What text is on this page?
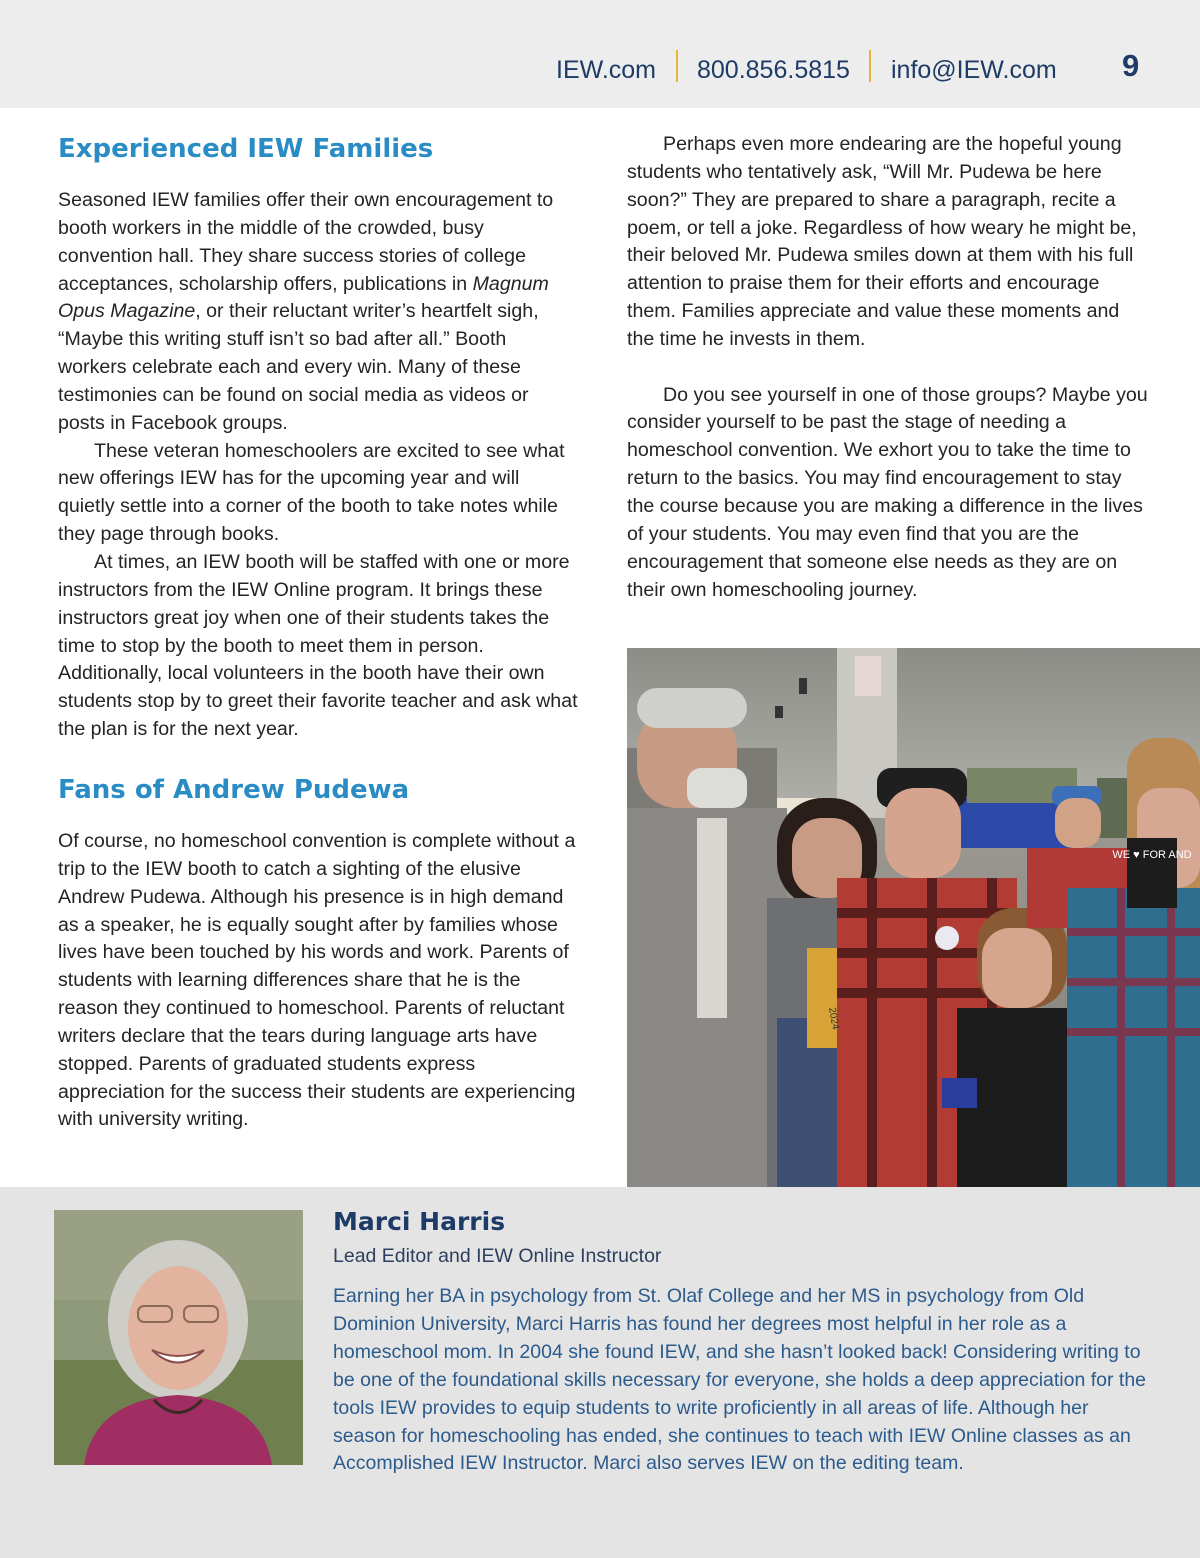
IEW.com 800.856.5815 info@IEW.com 9
Experienced IEW Families

Seasoned IEW families offer their own encouragement to booth workers in the middle of the crowded, busy convention hall. They share success stories of college acceptances, scholarship offers, publications in Magnum Opus Magazine, or their reluctant writer’s heartfelt sigh, “Maybe this writing stuff isn’t so bad after all.” Booth workers celebrate each and every win. Many of these testimonies can be found on social media as videos or posts in Facebook groups.

These veteran homeschoolers are excited to see what new offerings IEW has for the upcoming year and will quietly settle into a corner of the booth to take notes while they page through books.

At times, an IEW booth will be staffed with one or more instructors from the IEW Online program. It brings these instructors great joy when one of their students takes the time to stop by the booth to meet them in person. Additionally, local volunteers in the booth have their own students stop by to greet their favorite teacher and ask what the plan is for the next year.

Fans of Andrew Pudewa

Of course, no homeschool convention is complete without a trip to the IEW booth to catch a sighting of the elusive Andrew Pudewa. Although his presence is in high demand as a speaker, he is equally sought after by families whose lives have been touched by his words and work. Parents of students with learning differences share that he is the reason they continued to homeschool. Parents of reluctant writers declare that the tears during language arts have stopped. Parents of graduated students express appreciation for the success their students are experiencing with university writing.

Perhaps even more endearing are the hopeful young students who tentatively ask, “Will Mr. Pudewa be here soon?” They are prepared to share a paragraph, recite a poem, or tell a joke. Regardless of how weary he might be, their beloved Mr. Pudewa smiles down at them with his full attention to praise them for their efforts and encourage them. Families appreciate and value these moments and the time he invests in them.

Do you see yourself in one of those groups? Maybe you consider yourself to be past the stage of needing a homeschool convention. We exhort you to take the time to return to the basics. You may find encouragement to stay the course because you are making a difference in the lives of your students. You may even find that you are the encouragement that someone else needs as they are on their own homeschooling journey.

WE ♥ FOR AND
2024
Marci Harris
Lead Editor and IEW Online Instructor
Earning her BA in psychology from St. Olaf College and her MS in psychology from Old Dominion University, Marci Harris has found her degrees most helpful in her role as a homeschool mom. In 2004 she found IEW, and she hasn’t looked back! Considering writing to be one of the foundational skills necessary for everyone, she holds a deep appreciation for the tools IEW provides to equip students to write proficiently in all areas of life. Although her season for homeschooling has ended, she continues to teach with IEW Online classes as an Accomplished IEW Instructor. Marci also serves IEW on the editing team.
